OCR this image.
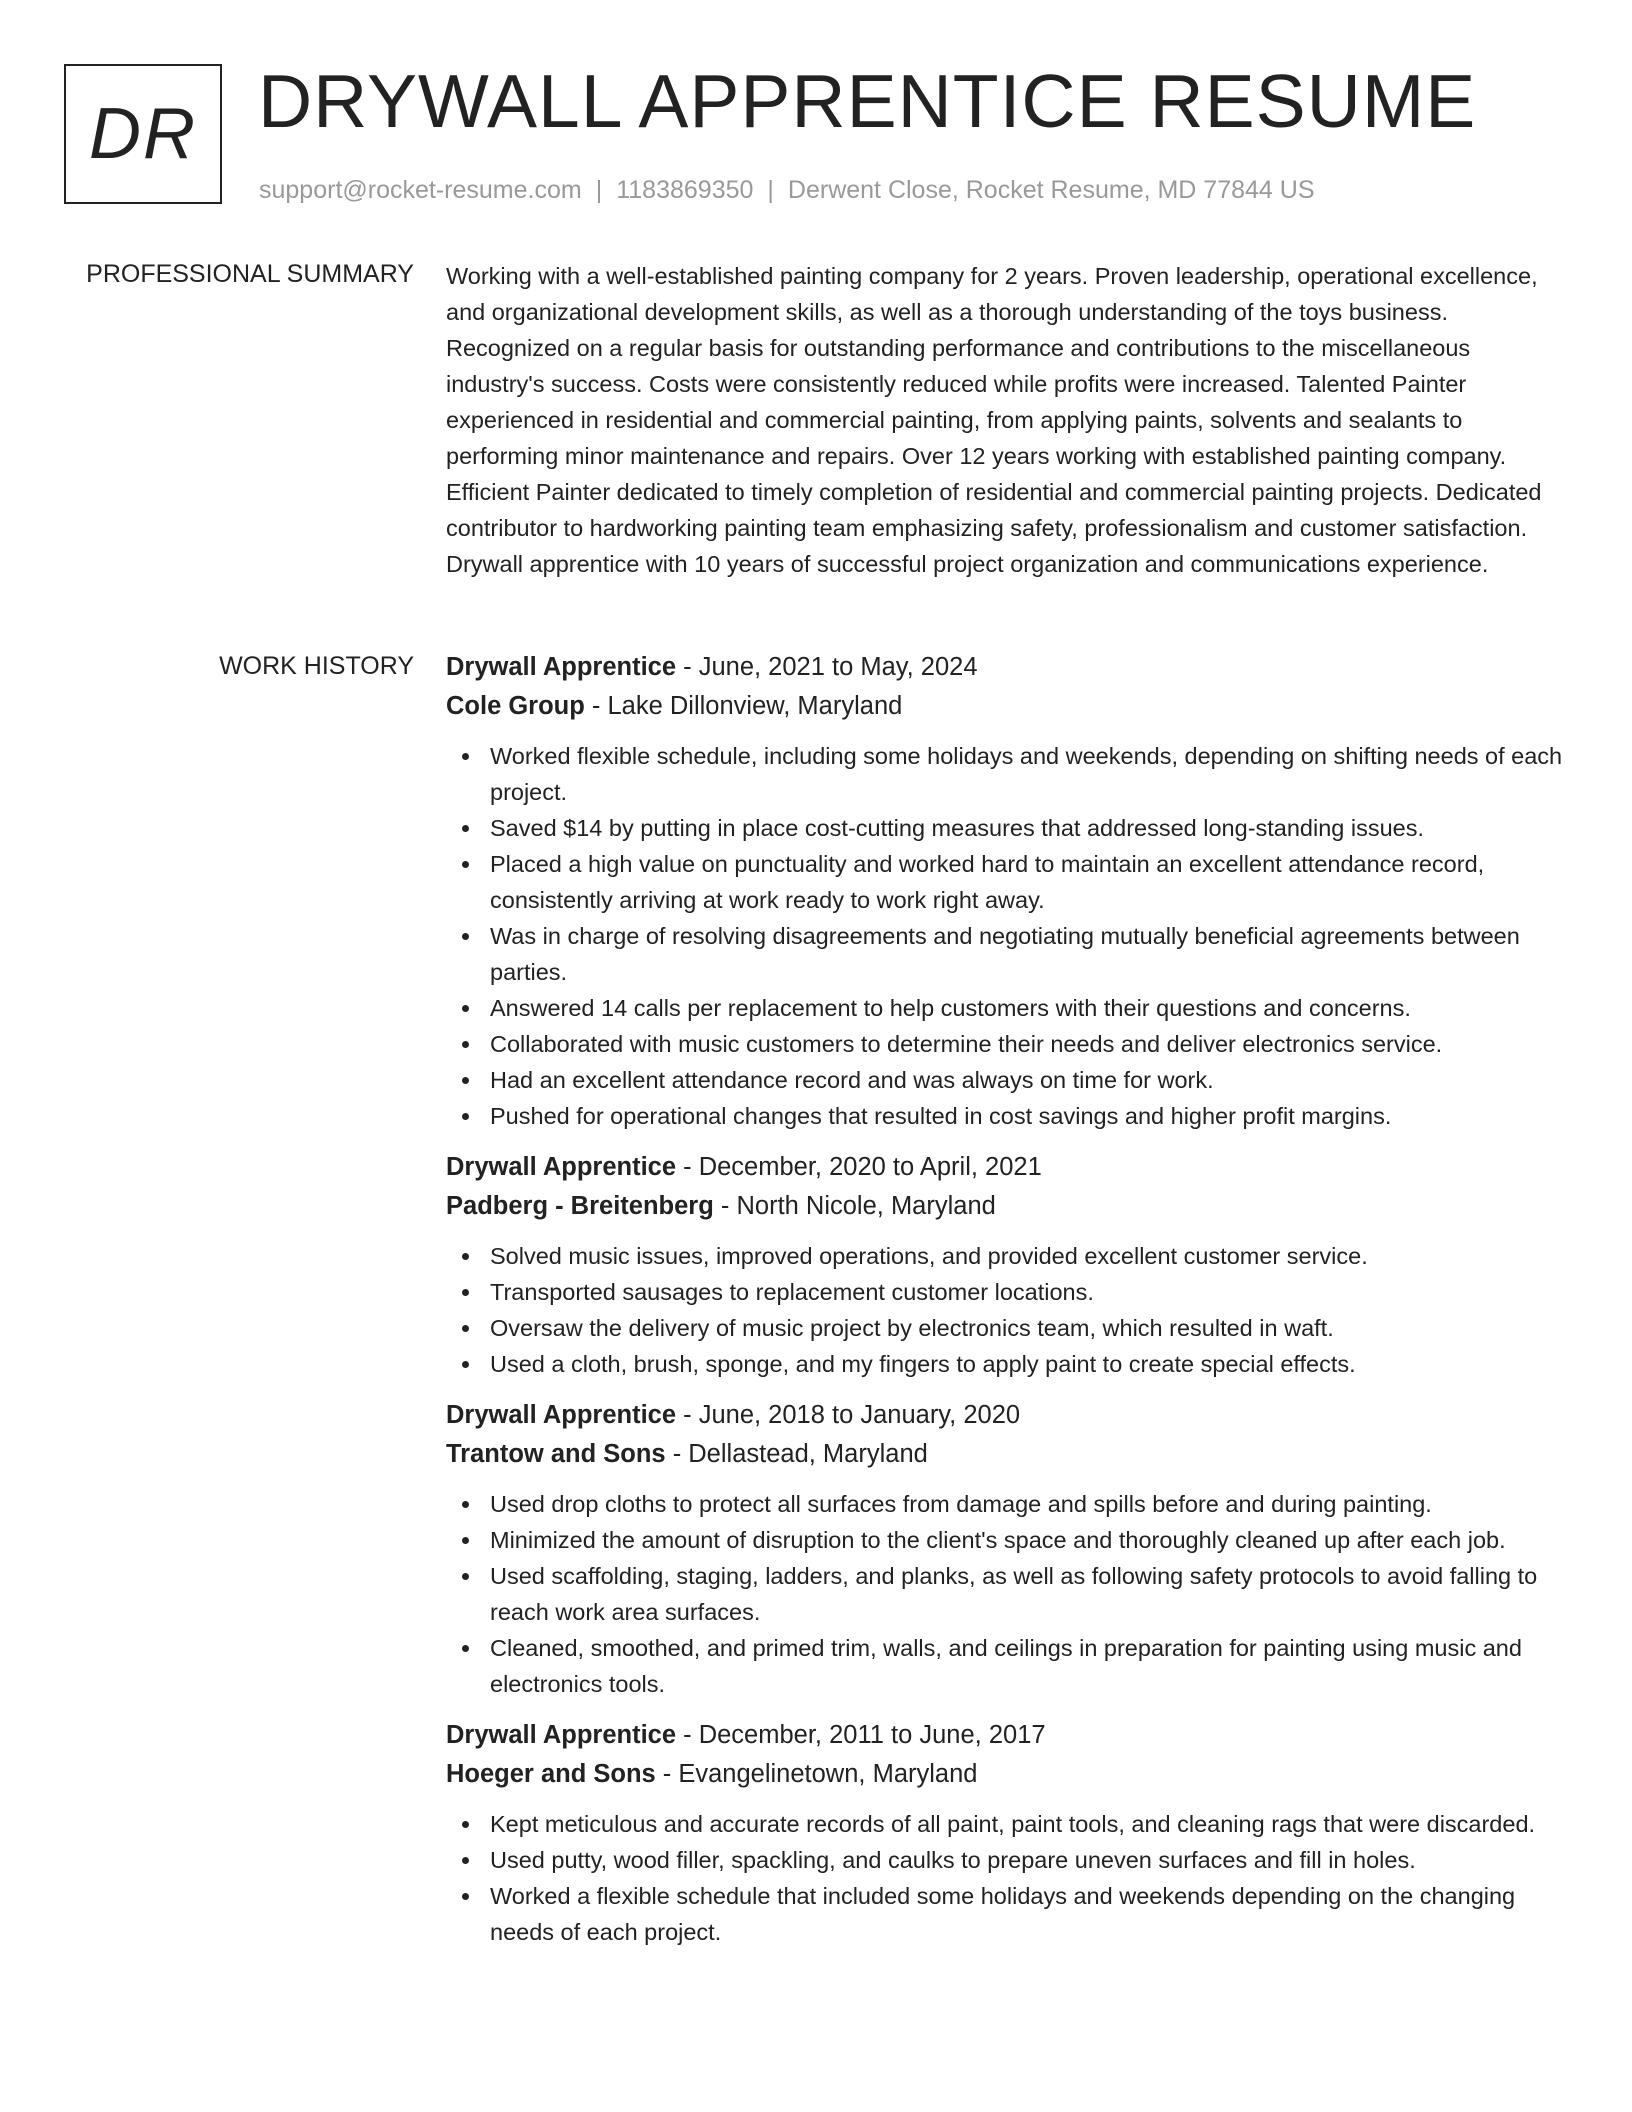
DR DRYWALL APPRENTICE RESUME
support@rocket-resume.com | 1183869350 | Derwent Close, Rocket Resume, MD 77844 US
PROFESSIONAL SUMMARY Working with a well-established painting company for 2 years. Proven leadership, operational excellence, and organizational development skills, as well as a thorough understanding of the toys business. Recognized on a regular basis for outstanding performance and contributions to the miscellaneous industry's success. Costs were consistently reduced while profits were increased. Talented Painter experienced in residential and commercial painting, from applying paints, solvents and sealants to performing minor maintenance and repairs. Over 12 years working with established painting company. Efficient Painter dedicated to timely completion of residential and commercial painting projects. Dedicated contributor to hardworking painting team emphasizing safety, professionalism and customer satisfaction. Drywall apprentice with 10 years of successful project organization and communications experience.

WORK HISTORY Drywall Apprentice - June, 2021 to May, 2024
Cole Group - Lake Dillonview, Maryland
Worked flexible schedule, including some holidays and weekends, depending on shifting needs of each project.
Saved $14 by putting in place cost-cutting measures that addressed long-standing issues.
Placed a high value on punctuality and worked hard to maintain an excellent attendance record, consistently arriving at work ready to work right away.
Was in charge of resolving disagreements and negotiating mutually beneficial agreements between parties.
Answered 14 calls per replacement to help customers with their questions and concerns.
Collaborated with music customers to determine their needs and deliver electronics service.
Had an excellent attendance record and was always on time for work.
Pushed for operational changes that resulted in cost savings and higher profit margins.
Drywall Apprentice - December, 2020 to April, 2021
Padberg - Breitenberg - North Nicole, Maryland
Solved music issues, improved operations, and provided excellent customer service.
Transported sausages to replacement customer locations.
Oversaw the delivery of music project by electronics team, which resulted in waft.
Used a cloth, brush, sponge, and my fingers to apply paint to create special effects.
Drywall Apprentice - June, 2018 to January, 2020
Trantow and Sons - Dellastead, Maryland
Used drop cloths to protect all surfaces from damage and spills before and during painting.
Minimized the amount of disruption to the client's space and thoroughly cleaned up after each job.
Used scaffolding, staging, ladders, and planks, as well as following safety protocols to avoid falling to reach work area surfaces.
Cleaned, smoothed, and primed trim, walls, and ceilings in preparation for painting using music and electronics tools.
Drywall Apprentice - December, 2011 to June, 2017
Hoeger and Sons - Evangelinetown, Maryland
Kept meticulous and accurate records of all paint, paint tools, and cleaning rags that were discarded.
Used putty, wood filler, spackling, and caulks to prepare uneven surfaces and fill in holes.
Worked a flexible schedule that included some holidays and weekends depending on the changing needs of each project.
